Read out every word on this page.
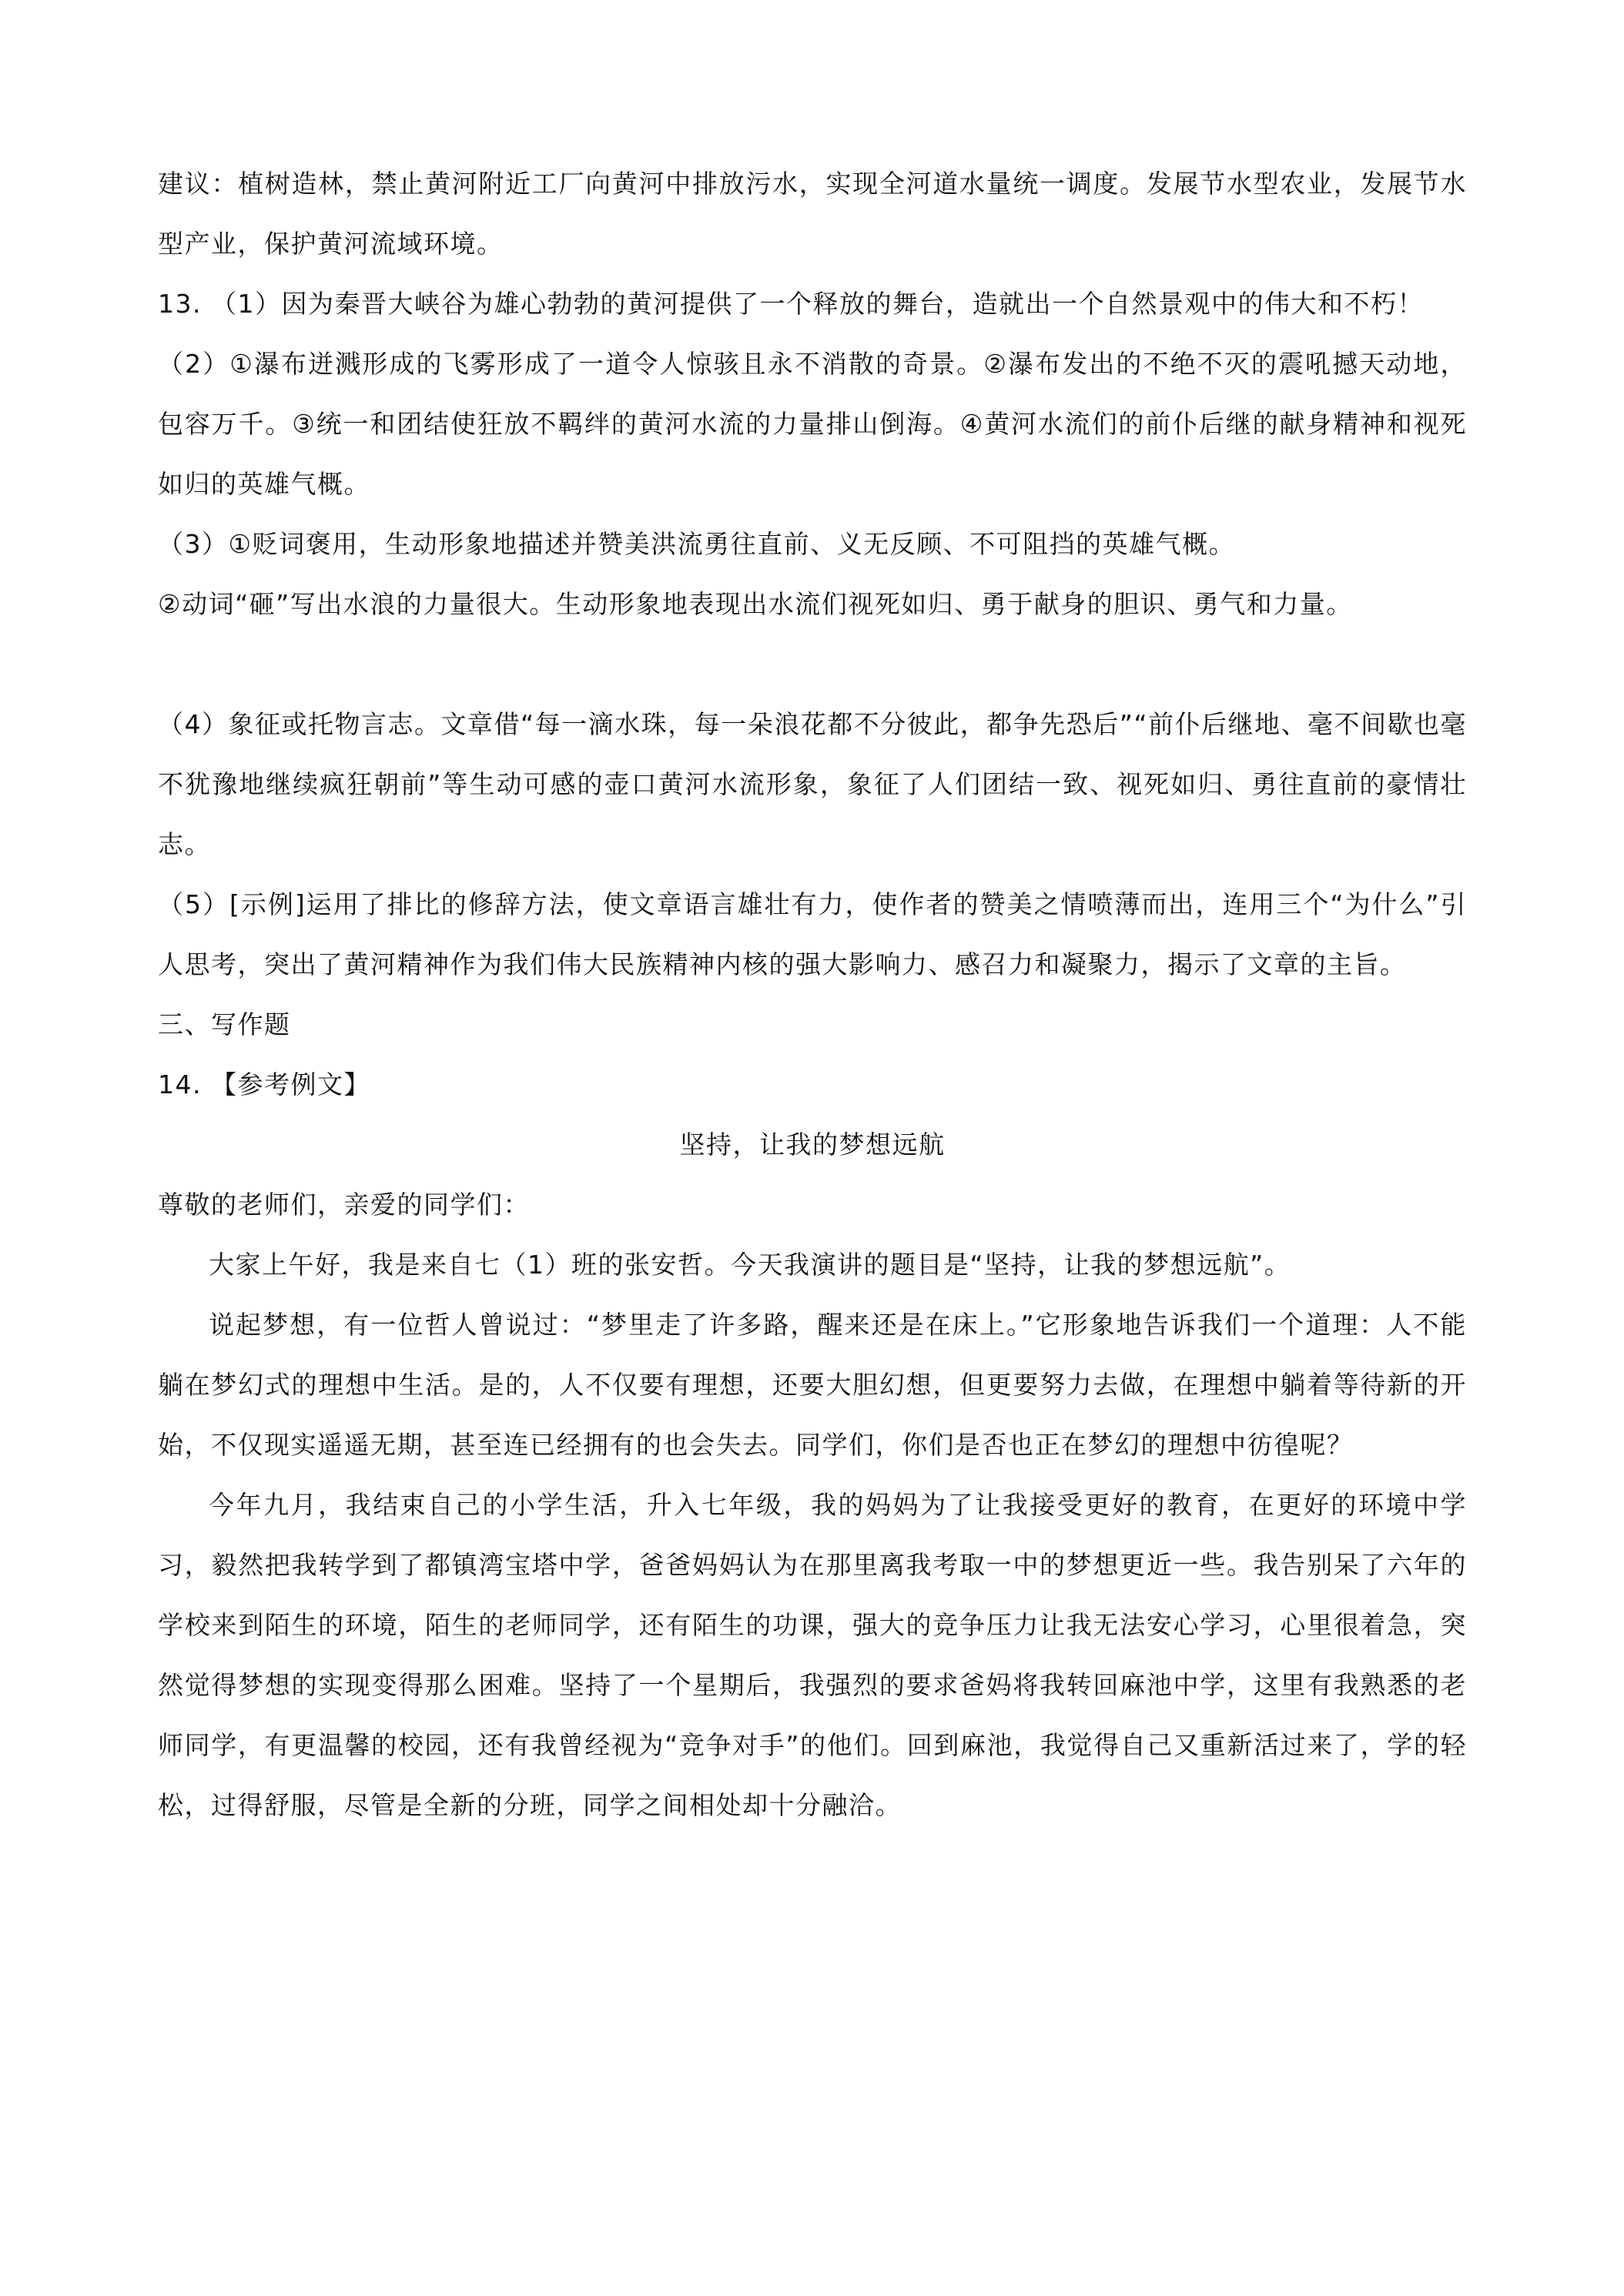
建议：植树造林，禁止黄河附近工厂向黄河中排放污水，实现全河道水量统一调度。发展节水型农业，发展节水型产业，保护黄河流域环境。

13. （1）因为秦晋大峡谷为雄心勃勃的黄河提供了一个释放的舞台，造就出一个自然景观中的伟大和不朽！

（2）①瀑布迸溅形成的飞雾形成了一道令人惊骇且永不消散的奇景。②瀑布发出的不绝不灭的震吼撼天动地，包容万千。③统一和团结使狂放不羁绊的黄河水流的力量排山倒海。④黄河水流们的前仆后继的献身精神和视死如归的英雄气概。

（3）①贬词褒用，生动形象地描述并赞美洪流勇往直前、义无反顾、不可阻挡的英雄气概。

②动词“砸”写出水浪的力量很大。生动形象地表现出水流们视死如归、勇于献身的胆识、勇气和力量。

（4）象征或托物言志。文章借“每一滴水珠，每一朵浪花都不分彼此，都争先恐后”“前仆后继地、毫不间歇也毫不犹豫地继续疯狂朝前”等生动可感的壶口黄河水流形象，象征了人们团结一致、视死如归、勇往直前的豪情壮志。

（5）[示例]运用了排比的修辞方法，使文章语言雄壮有力，使作者的赞美之情喷薄而出，连用三个“为什么”引人思考，突出了黄河精神作为我们伟大民族精神内核的强大影响力、感召力和凝聚力，揭示了文章的主旨。

三、写作题

14. 【参考例文】

坚持，让我的梦想远航

尊敬的老师们，亲爱的同学们：

大家上午好，我是来自七（1）班的张安哲。今天我演讲的题目是“坚持，让我的梦想远航”。

说起梦想，有一位哲人曾说过：“梦里走了许多路，醒来还是在床上。”它形象地告诉我们一个道理：人不能躺在梦幻式的理想中生活。是的，人不仅要有理想，还要大胆幻想，但更要努力去做，在理想中躺着等待新的开始，不仅现实遥遥无期，甚至连已经拥有的也会失去。同学们，你们是否也正在梦幻的理想中彷徨呢？

今年九月，我结束自己的小学生活，升入七年级，我的妈妈为了让我接受更好的教育，在更好的环境中学习，毅然把我转学到了都镇湾宝塔中学，爸爸妈妈认为在那里离我考取一中的梦想更近一些。我告别呆了六年的学校来到陌生的环境，陌生的老师同学，还有陌生的功课，强大的竞争压力让我无法安心学习，心里很着急，突然觉得梦想的实现变得那么困难。坚持了一个星期后，我强烈的要求爸妈将我转回麻池中学，这里有我熟悉的老师同学，有更温馨的校园，还有我曾经视为“竞争对手”的他们。回到麻池，我觉得自己又重新活过来了，学的轻松，过得舒服，尽管是全新的分班，同学之间相处却十分融洽。
